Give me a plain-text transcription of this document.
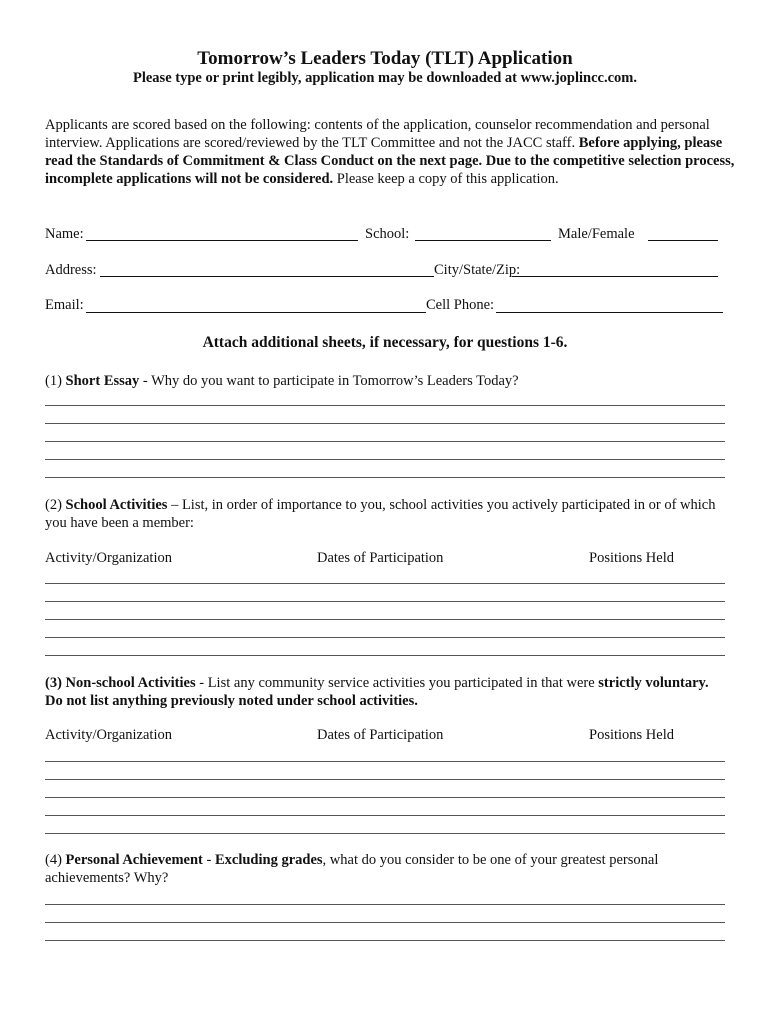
Tomorrow’s Leaders Today (TLT) Application
Please type or print legibly, application may be downloaded at www.joplincc.com.
Applicants are scored based on the following: contents of the application, counselor recommendation and personal interview. Applications are scored/reviewed by the TLT Committee and not the JACC staff. Before applying, please read the Standards of Commitment & Class Conduct on the next page. Due to the competitive selection process, incomplete applications will not be considered. Please keep a copy of this application.
Name:	School:	Male/Female
Address:	City/State/Zip:
Email:	Cell Phone:
Attach additional sheets, if necessary, for questions 1-6.
(1) Short Essay - Why do you want to participate in Tomorrow’s Leaders Today?
(2) School Activities – List, in order of importance to you, school activities you actively participated in or of which you have been a member:
Activity/Organization	Dates of Participation	Positions Held
(3) Non-school Activities - List any community service activities you participated in that were strictly voluntary. Do not list anything previously noted under school activities.
Activity/Organization	Dates of Participation	Positions Held
(4) Personal Achievement - Excluding grades, what do you consider to be one of your greatest personal achievements? Why?
